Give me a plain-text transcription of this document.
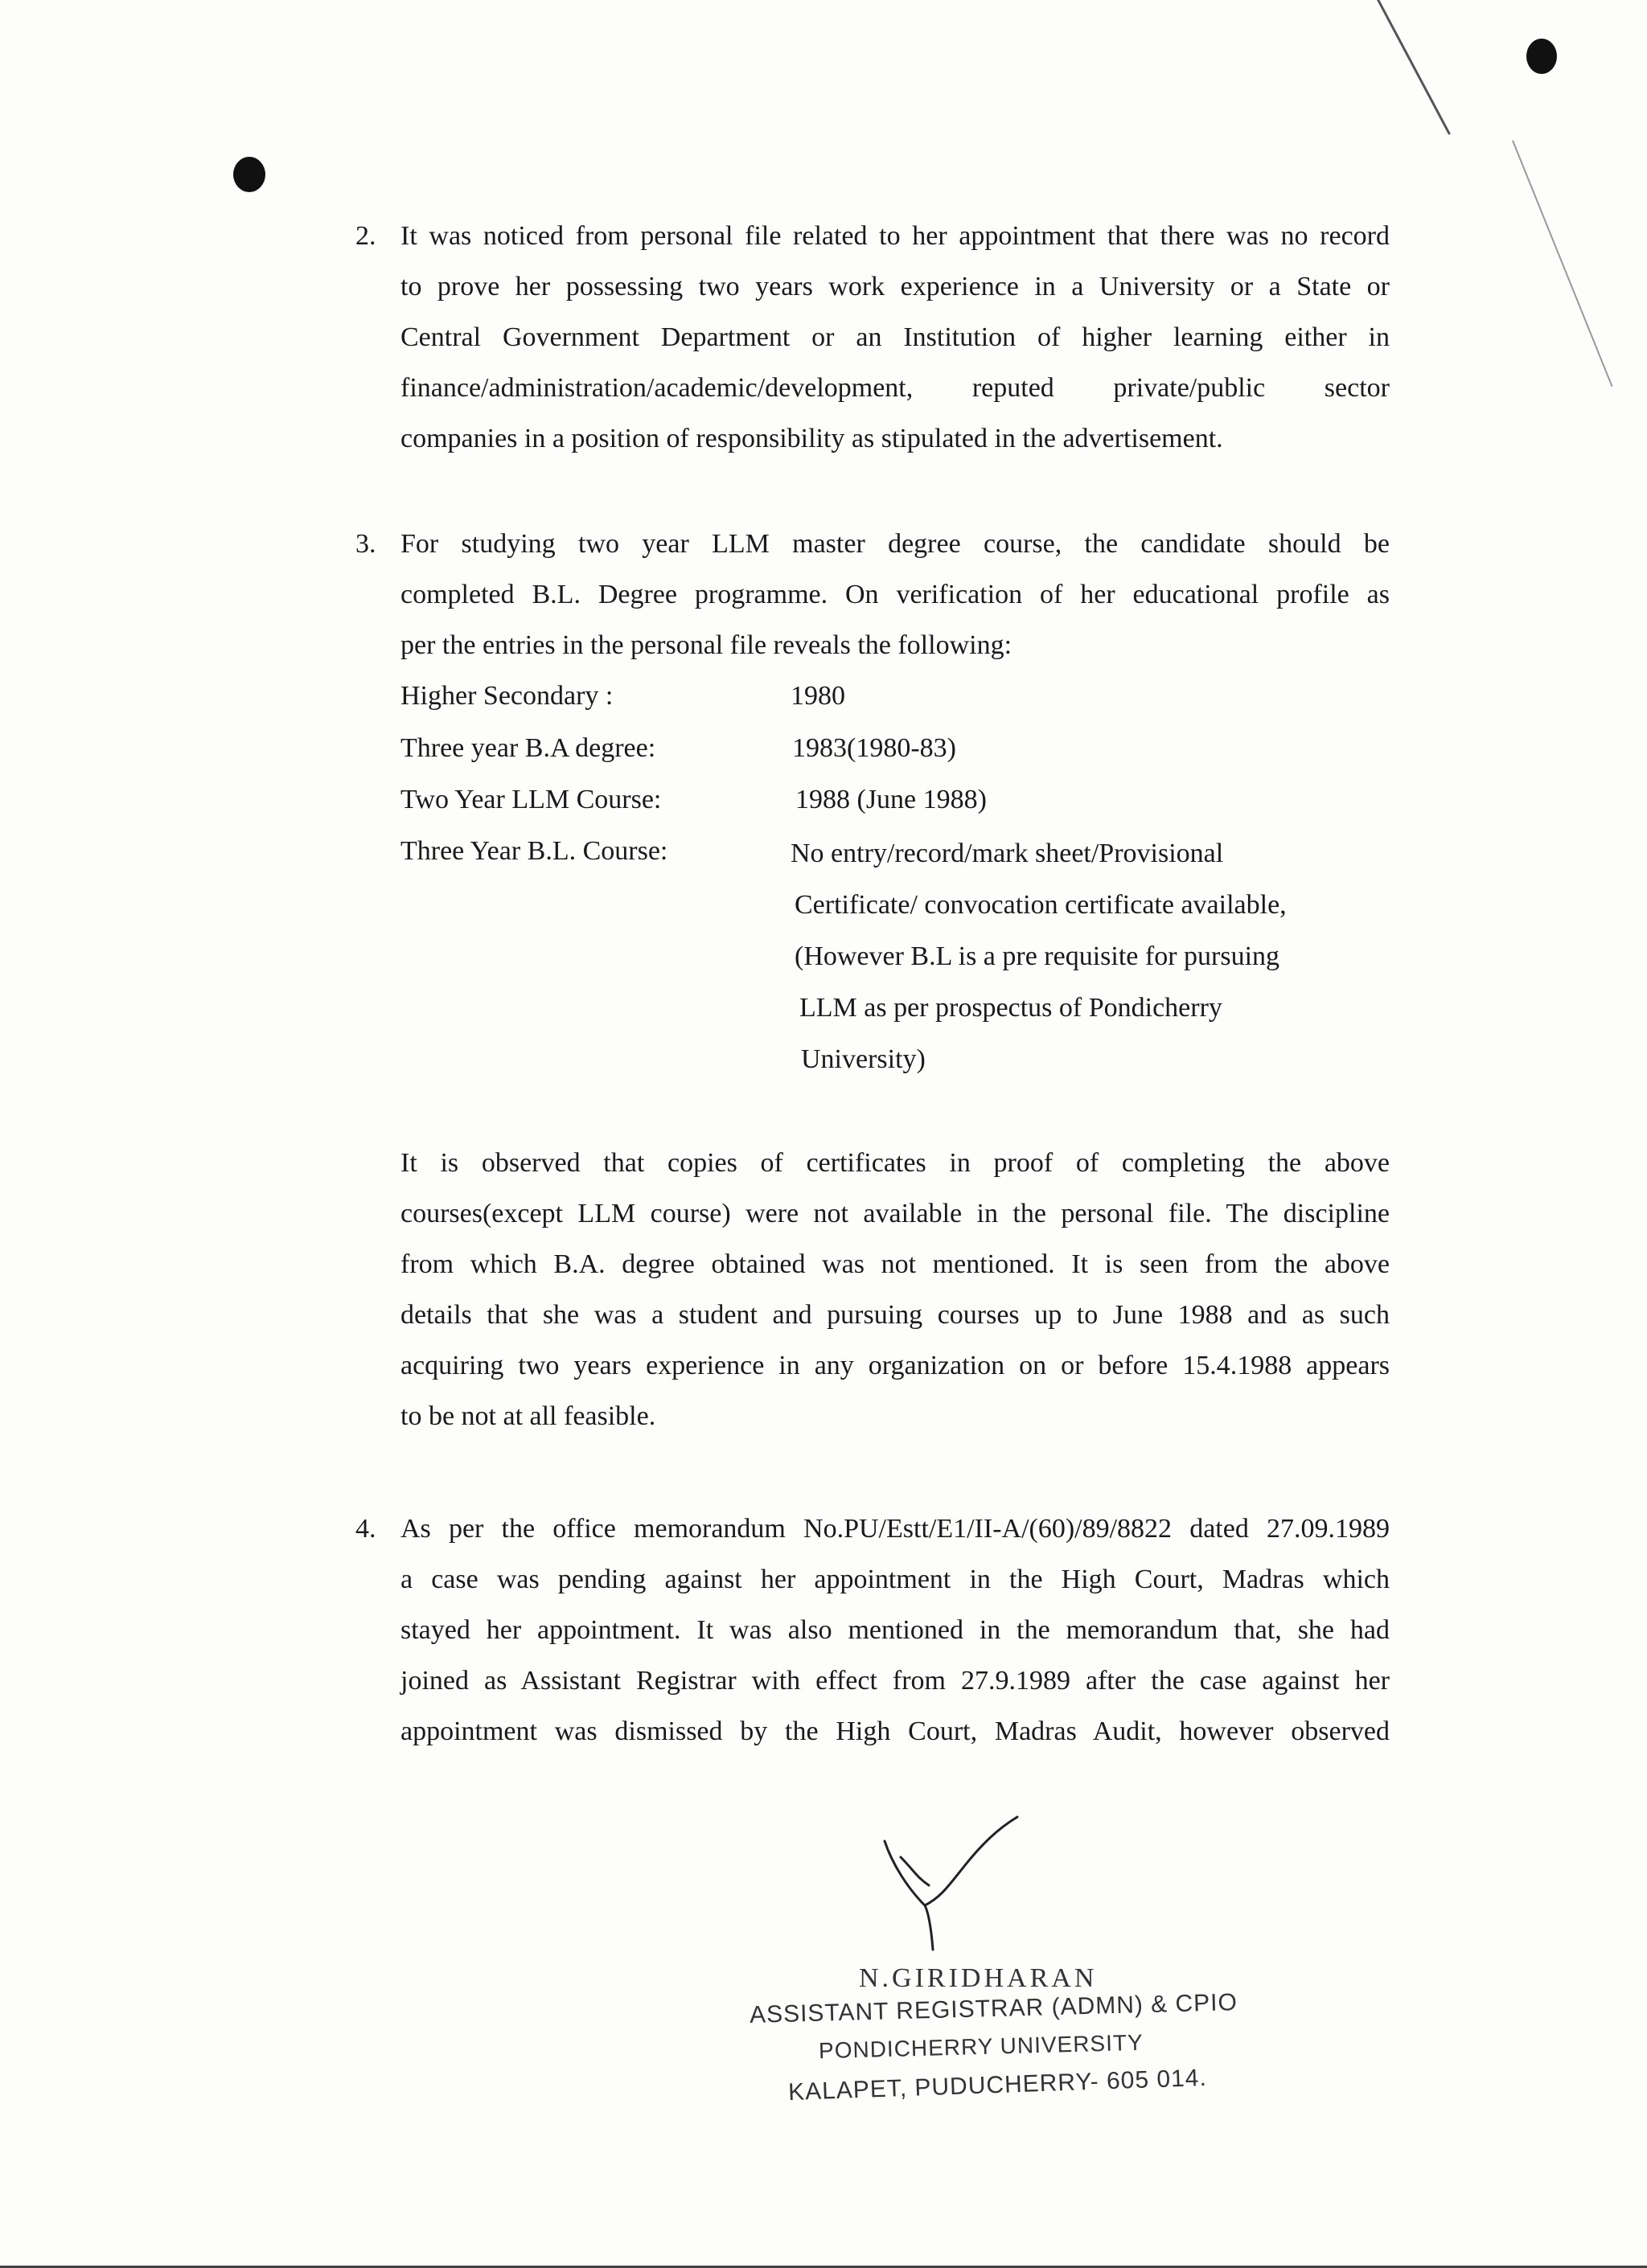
2. It was noticed from personal file related to her appointment that there was no record
to prove her possessing two years work experience in a University or a State or
Central Government Department or an Institution of higher learning either in
finance/administration/academic/development, reputed private/public sector
companies in a position of responsibility as stipulated in the advertisement.
3. For studying two year LLM master degree course, the candidate should be
completed B.L. Degree programme. On verification of her educational profile as
per the entries in the personal file reveals the following:
Higher Secondary :	1980
Three year B.A degree:	1983(1980-83)
Two Year LLM Course:	1988 (June 1988)
Three Year B.L. Course:	No entry/record/mark sheet/Provisional
Certificate/ convocation certificate available,
(However B.L is a pre requisite for pursuing
LLM as per prospectus of Pondicherry
University)
It is observed that copies of certificates in proof of completing the above
courses(except LLM course) were not available in the personal file. The discipline
from which B.A. degree obtained was not mentioned. It is seen from the above
details that she was a student and pursuing courses up to June 1988 and as such
acquiring two years experience in any organization on or before 15.4.1988 appears
to be not at all feasible.
4. As per the office memorandum No.PU/Estt/E1/II-A/(60)/89/8822 dated 27.09.1989
a case was pending against her appointment in the High Court, Madras which
stayed her appointment. It was also mentioned in the memorandum that, she had
joined as Assistant Registrar with effect from 27.9.1989 after the case against her
appointment was dismissed by the High Court, Madras Audit, however observed
N.GIRIDHARAN
ASSISTANT REGISTRAR (ADMN) & CPIO
PONDICHERRY UNIVERSITY
KALAPET, PUDUCHERRY- 605 014.
